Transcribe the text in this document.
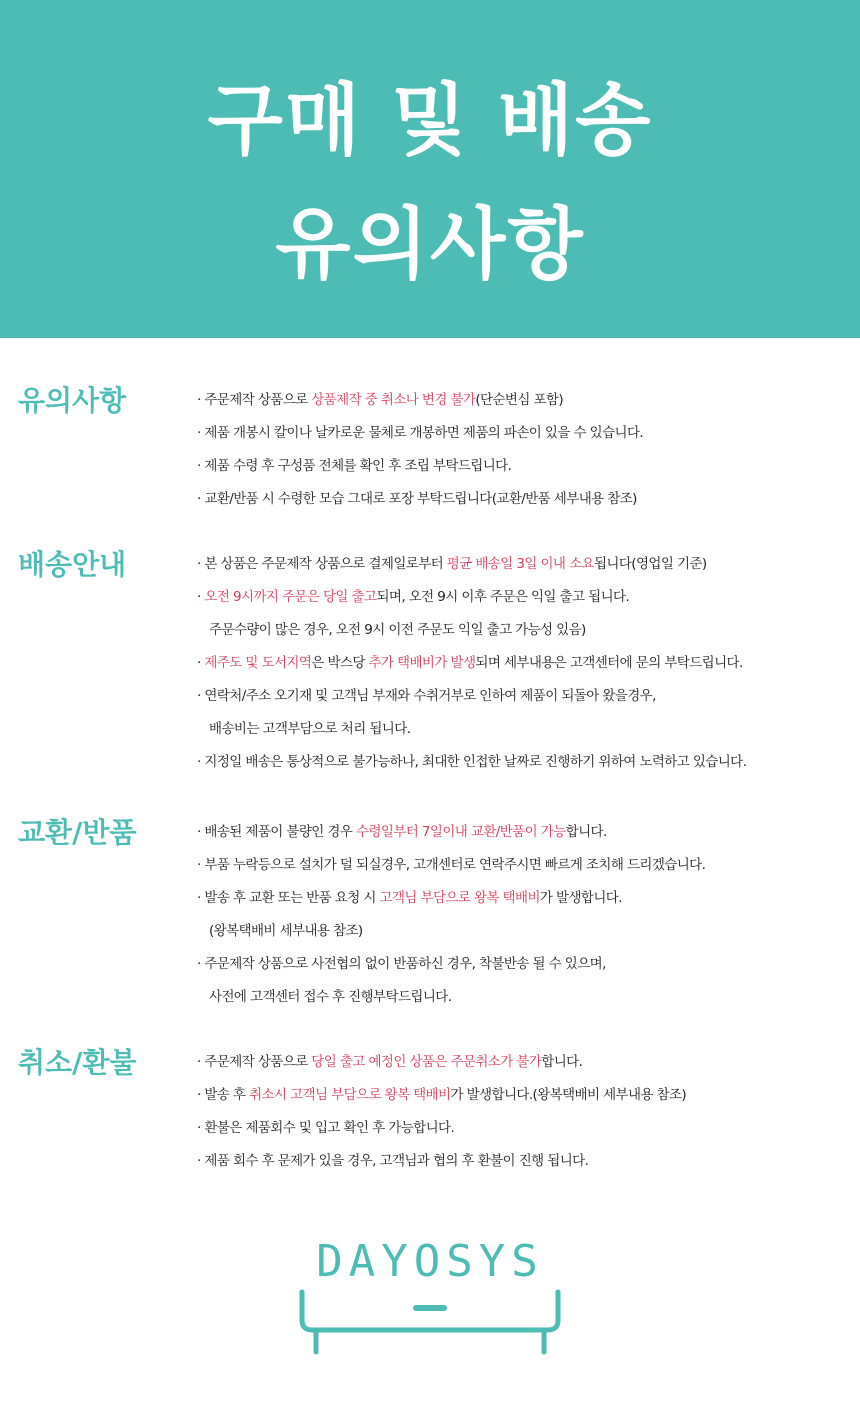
구매 및 배송
유의사항
유의사항	· 주문제작 상품으로 상품제작 중 취소나 변경 불가(단순변심 포함)
· 제품 개봉시 칼이나 날카로운 물체로 개봉하면 제품의 파손이 있을 수 있습니다.
· 제품 수령 후 구성품 전체를 확인 후 조립 부탁드립니다.
· 교환/반품 시 수령한 모습 그대로 포장 부탁드립니다(교환/반품 세부내용 참조)
배송안내	· 본 상품은 주문제작 상품으로 결제일로부터 평균 배송일 3일 이내 소요됩니다(영업일 기준)
· 오전 9시까지 주문은 당일 출고되며, 오전 9시 이후 주문은 익일 출고 됩니다.
주문수량이 많은 경우, 오전 9시 이전 주문도 익일 출고 가능성 있음)
· 제주도 및 도서지역은 박스당 추가 택배비가 발생되며 세부내용은 고객센터에 문의 부탁드립니다.
· 연락처/주소 오기재 및 고객님 부재와 수취거부로 인하여 제품이 되돌아 왔을경우,
배송비는 고객부담으로 처리 됩니다.
· 지정일 배송은 통상적으로 불가능하나, 최대한 인접한 날짜로 진행하기 위하여 노력하고 있습니다.
교환/반품	· 배송된 제품이 불량인 경우 수령일부터 7일이내 교환/반품이 가능합니다.
· 부품 누락등으로 설치가 덜 되실경우, 고개센터로 연락주시면 빠르게 조치해 드리겠습니다.
· 발송 후 교환 또는 반품 요청 시 고객님 부담으로 왕복 택배비가 발생합니다.
(왕복택배비 세부내용 참조)
· 주문제작 상품으로 사전협의 없이 반품하신 경우, 착불반송 될 수 있으며,
사전에 고객센터 접수 후 진행부탁드립니다.
취소/환불	· 주문제작 상품으로 당일 출고 예정인 상품은 주문취소가 불가합니다.
· 발송 후 취소시 고객님 부담으로 왕복 택배비가 발생합니다.(왕복택배비 세부내용 참조)
· 환불은 제품회수 및 입고 확인 후 가능합니다.
· 제품 회수 후 문제가 있을 경우, 고객님과 협의 후 환불이 진행 됩니다.
DAYOSYS
